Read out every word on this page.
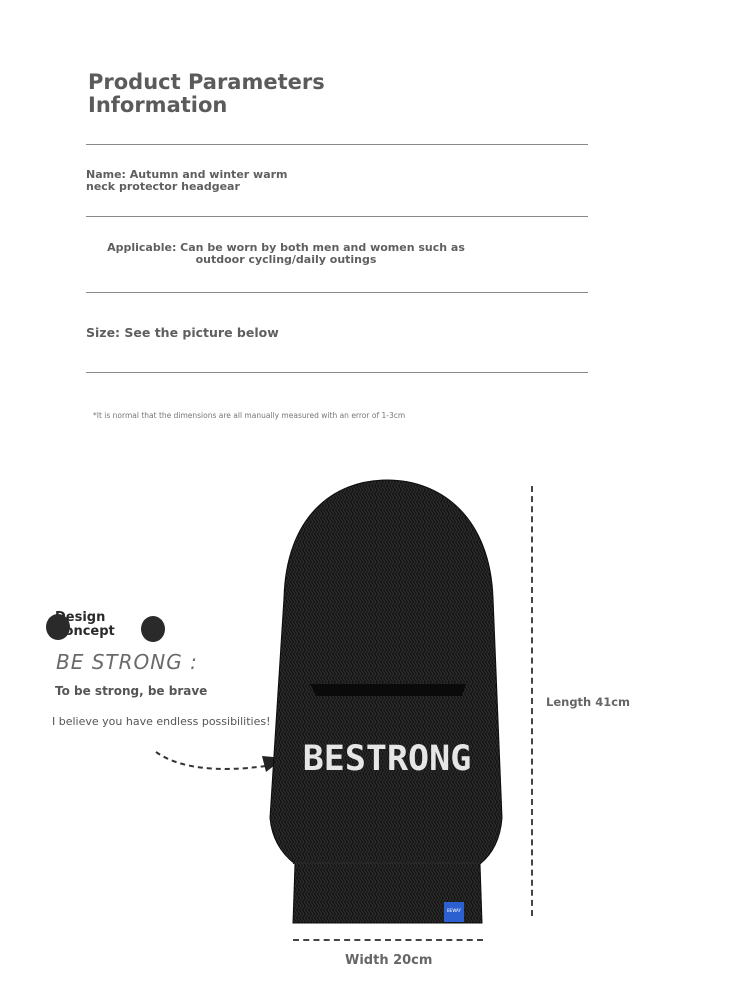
Product Parameters Information
Name: Autumn and winter warm neck protector headgear
Applicable: Can be worn by both men and women such as outdoor cycling/daily outings
Size: See the picture below
*It is normal that the dimensions are all manually measured with an error of 1-3cm
Design Concept
BE STRONG :
To be strong, be brave
I believe you have endless possibilities!
BESTRONG
BEWAY
Length 41cm
Width 20cm
